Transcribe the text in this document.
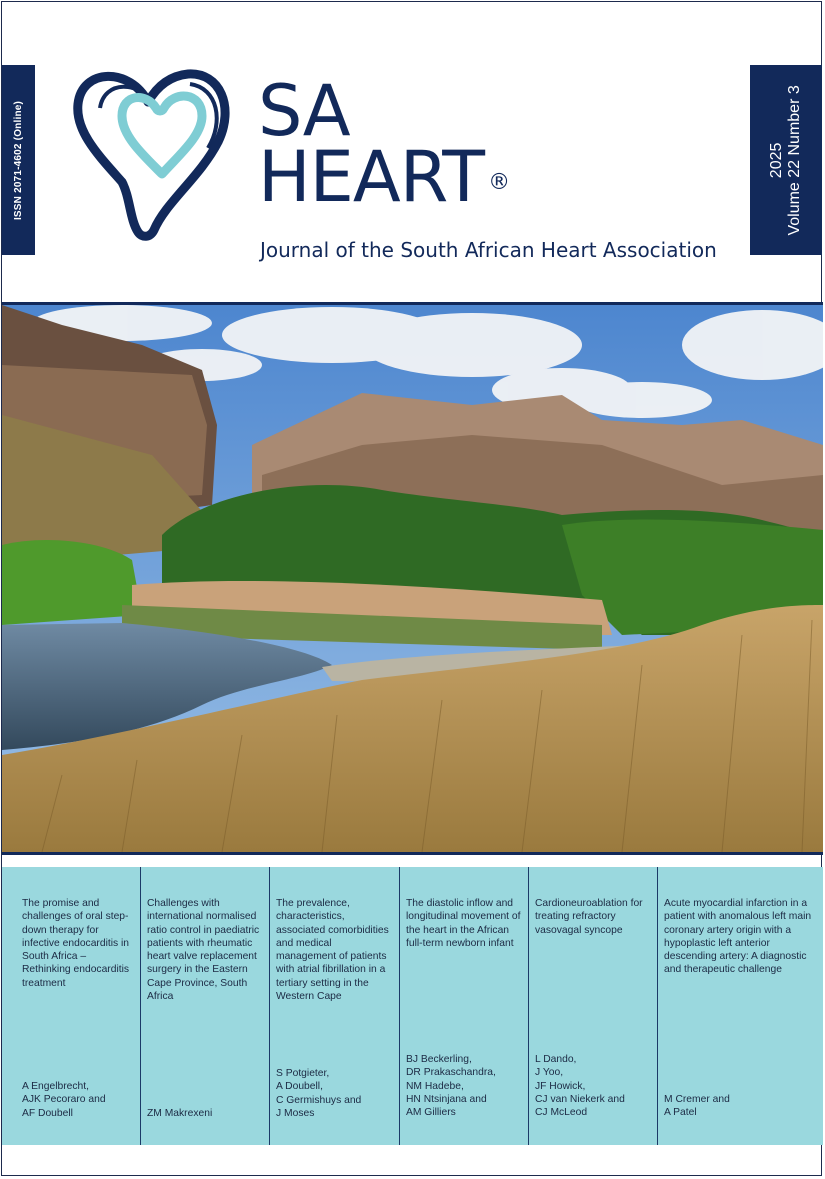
ISSN 2071-4602 (Online)	SA
HEART ®
Journal of the South African Heart Association
2025 Volume 22 Number 3
The promise and challenges of oral step-down therapy for infective endocarditis in South Africa – Rethinking endocarditis treatment
A Engelbrecht,
AJK Pecoraro and
AF Doubell
Challenges with international normalised ratio control in paediatric patients with rheumatic heart valve replacement surgery in the Eastern Cape Province, South Africa
ZM Makrexeni
The prevalence, characteristics, associated comorbidities and medical management of patients with atrial fibrillation in a tertiary setting in the Western Cape
S Potgieter,
A Doubell,
C Germishuys and
J Moses
The diastolic inflow and longitudinal movement of the heart in the African full-term newborn infant
BJ Beckerling,
DR Prakaschandra,
NM Hadebe,
HN Ntsinjana and
AM Gilliers
Cardioneuroablation for treating refractory vasovagal syncope
L Dando,
J Yoo,
JF Howick,
CJ van Niekerk and
CJ McLeod
Acute myocardial infarction in a patient with anomalous left main coronary artery origin with a hypoplastic left anterior descending artery: A diagnostic and therapeutic challenge
M Cremer and
A Patel
